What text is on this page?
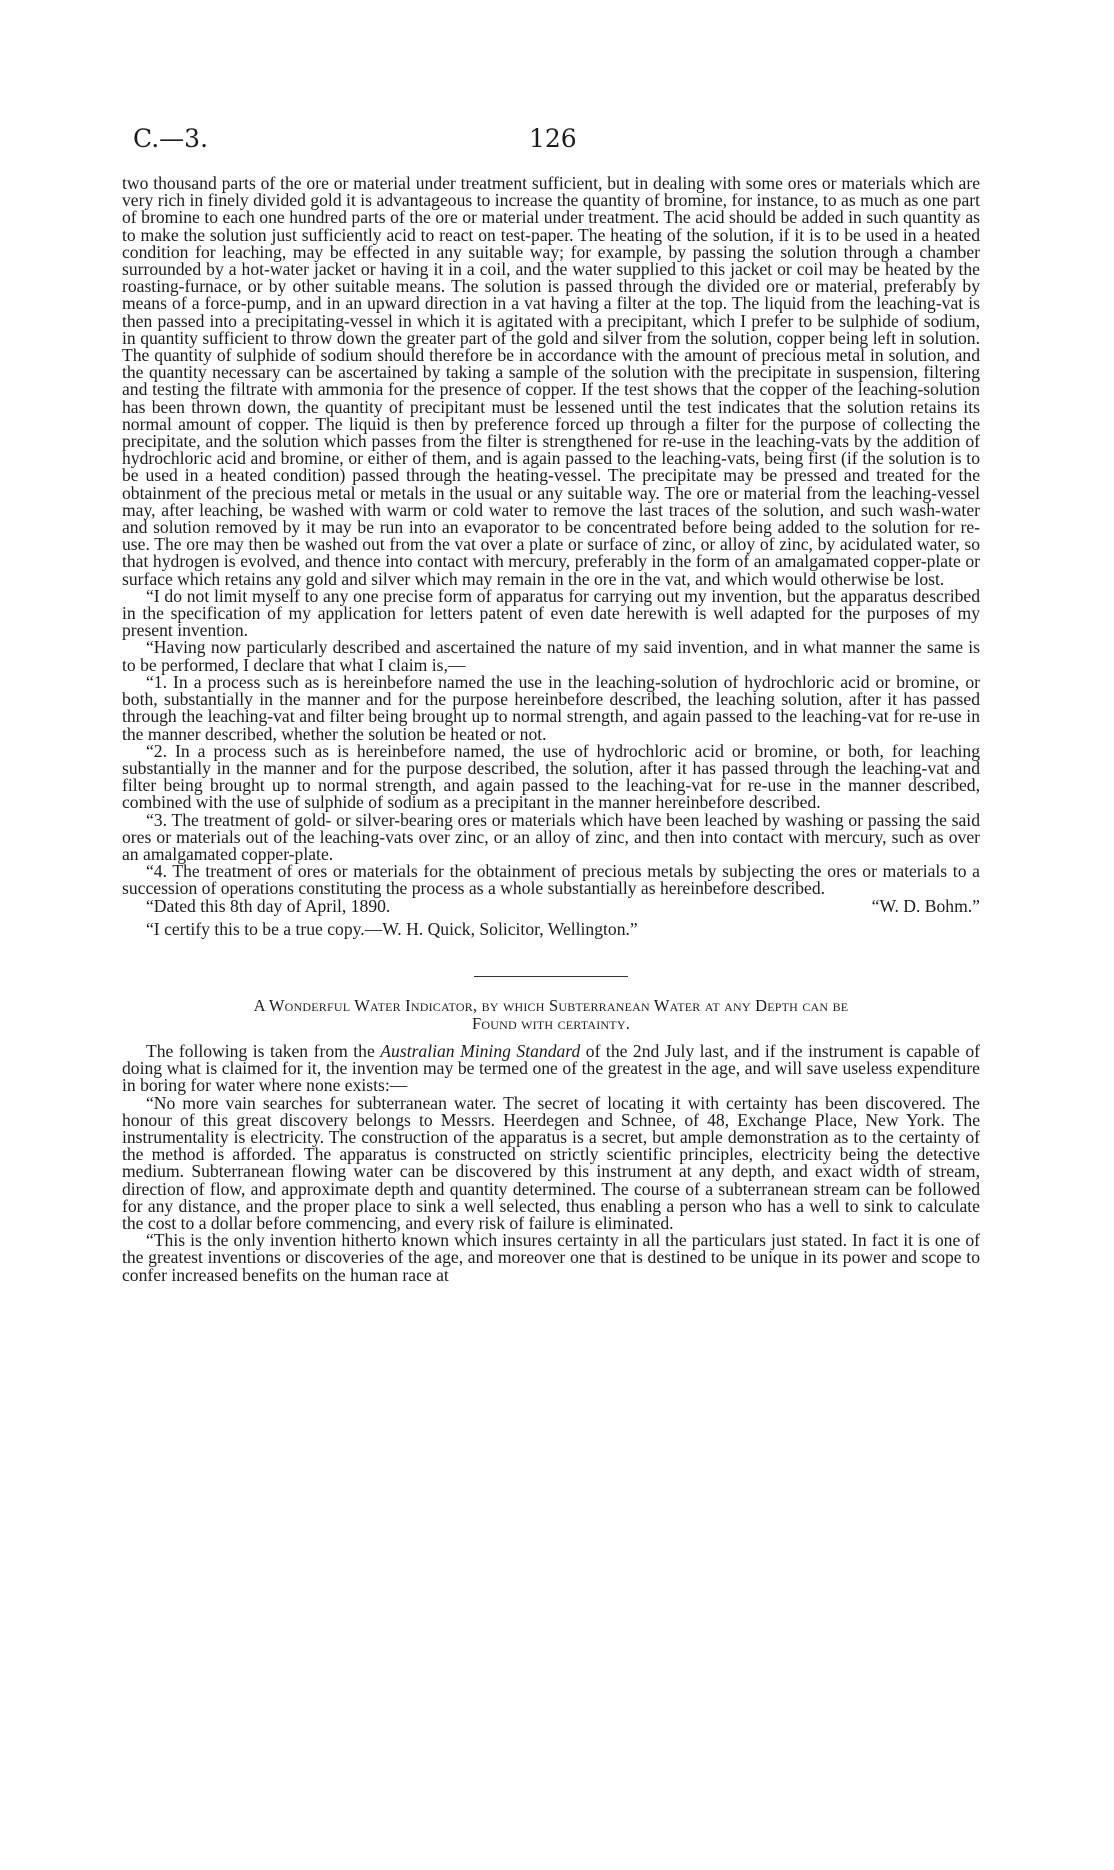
C.—3.	126

two thousand parts of the ore or material under treatment sufficient, but in dealing with some ores or materials which are very rich in finely divided gold it is advantageous to increase the quantity of bromine, for instance, to as much as one part of bromine to each one hundred parts of the ore or material under treatment. The acid should be added in such quantity as to make the solution just sufficiently acid to react on test-paper. The heating of the solution, if it is to be used in a heated condition for leaching, may be effected in any suitable way; for example, by passing the solution through a chamber surrounded by a hot-water jacket or having it in a coil, and the water supplied to this jacket or coil may be heated by the roasting-furnace, or by other suitable means. The solution is passed through the divided ore or material, preferably by means of a force-pump, and in an upward direction in a vat having a filter at the top. The liquid from the leaching-vat is then passed into a precipitating-vessel in which it is agitated with a precipitant, which I prefer to be sulphide of sodium, in quantity sufficient to throw down the greater part of the gold and silver from the solution, copper being left in solution. The quantity of sulphide of sodium should therefore be in accordance with the amount of precious metal in solution, and the quantity necessary can be ascertained by taking a sample of the solution with the precipitate in suspension, filtering and testing the filtrate with ammonia for the presence of copper. If the test shows that the copper of the leaching-solution has been thrown down, the quantity of precipitant must be lessened until the test indicates that the solution retains its normal amount of copper. The liquid is then by preference forced up through a filter for the purpose of collecting the precipitate, and the solution which passes from the filter is strengthened for re-use in the leaching-vats by the addition of hydrochloric acid and bromine, or either of them, and is again passed to the leaching-vats, being first (if the solution is to be used in a heated condition) passed through the heating-vessel. The precipitate may be pressed and treated for the obtainment of the precious metal or metals in the usual or any suitable way. The ore or material from the leaching-vessel may, after leaching, be washed with warm or cold water to remove the last traces of the solution, and such wash-water and solution removed by it may be run into an evaporator to be concentrated before being added to the solution for re-use. The ore may then be washed out from the vat over a plate or surface of zinc, or alloy of zinc, by acidulated water, so that hydrogen is evolved, and thence into contact with mercury, preferably in the form of an amalgamated copper-plate or surface which retains any gold and silver which may remain in the ore in the vat, and which would otherwise be lost.

“I do not limit myself to any one precise form of apparatus for carrying out my invention, but the apparatus described in the specification of my application for letters patent of even date herewith is well adapted for the purposes of my present invention.

“Having now particularly described and ascertained the nature of my said invention, and in what manner the same is to be performed, I declare that what I claim is,—

“1. In a process such as is hereinbefore named the use in the leaching-solution of hydrochloric acid or bromine, or both, substantially in the manner and for the purpose hereinbefore described, the leaching solution, after it has passed through the leaching-vat and filter being brought up to normal strength, and again passed to the leaching-vat for re-use in the manner described, whether the solution be heated or not.

“2. In a process such as is hereinbefore named, the use of hydrochloric acid or bromine, or both, for leaching substantially in the manner and for the purpose described, the solution, after it has passed through the leaching-vat and filter being brought up to normal strength, and again passed to the leaching-vat for re-use in the manner described, combined with the use of sulphide of sodium as a precipitant in the manner hereinbefore described.

“3. The treatment of gold- or silver-bearing ores or materials which have been leached by washing or passing the said ores or materials out of the leaching-vats over zinc, or an alloy of zinc, and then into contact with mercury, such as over an amalgamated copper-plate.

“4. The treatment of ores or materials for the obtainment of precious metals by subjecting the ores or materials to a succession of operations constituting the process as a whole substantially as hereinbefore described.

“Dated this 8th day of April, 1890.	“W. D. Bohm.”

“I certify this to be a true copy.—W. H. Quick, Solicitor, Wellington.”

A Wonderful Water Indicator, by which Subterranean Water at any Depth can be
Found with certainty.

The following is taken from the Australian Mining Standard of the 2nd July last, and if the instrument is capable of doing what is claimed for it, the invention may be termed one of the greatest in the age, and will save useless expenditure in boring for water where none exists:—

“No more vain searches for subterranean water. The secret of locating it with certainty has been discovered. The honour of this great discovery belongs to Messrs. Heerdegen and Schnee, of 48, Exchange Place, New York. The instrumentality is electricity. The construction of the apparatus is a secret, but ample demonstration as to the certainty of the method is afforded. The apparatus is constructed on strictly scientific principles, electricity being the detective medium. Subterranean flowing water can be discovered by this instrument at any depth, and exact width of stream, direction of flow, and approximate depth and quantity determined. The course of a subterranean stream can be followed for any distance, and the proper place to sink a well selected, thus enabling a person who has a well to sink to calculate the cost to a dollar before commencing, and every risk of failure is eliminated.

“This is the only invention hitherto known which insures certainty in all the particulars just stated. In fact it is one of the greatest inventions or discoveries of the age, and moreover one that is destined to be unique in its power and scope to confer increased benefits on the human race at
